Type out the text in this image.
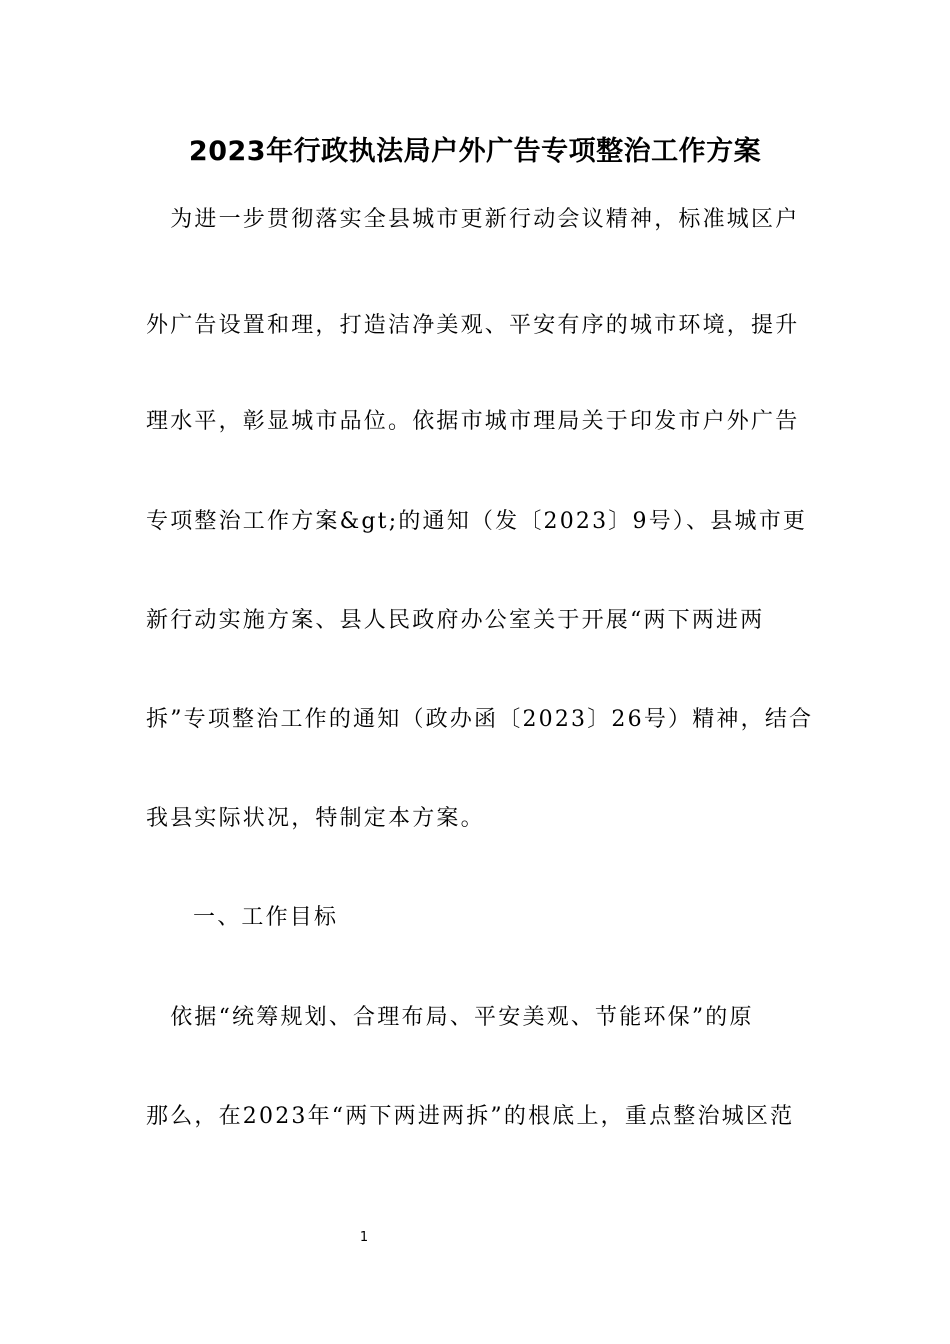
2023年行政执法局户外广告专项整治工作方案
　为进一步贯彻落实全县城市更新行动会议精神，标准城区户
外广告设置和理，打造洁净美观、平安有序的城市环境，提升
理水平，彰显城市品位。依据市城市理局关于印发市户外广告
专项整治工作方案&gt;的通知（发〔2023〕9号）、县城市更
新行动实施方案、县人民政府办公室关于开展“两下两进两
拆”专项整治工作的通知（政办函〔2023〕26号）精神，结合
我县实际状况，特制定本方案。
一、工作目标
　依据“统筹规划、合理布局、平安美观、节能环保”的原
那么，在2023年“两下两进两拆”的根底上，重点整治城区范
1
